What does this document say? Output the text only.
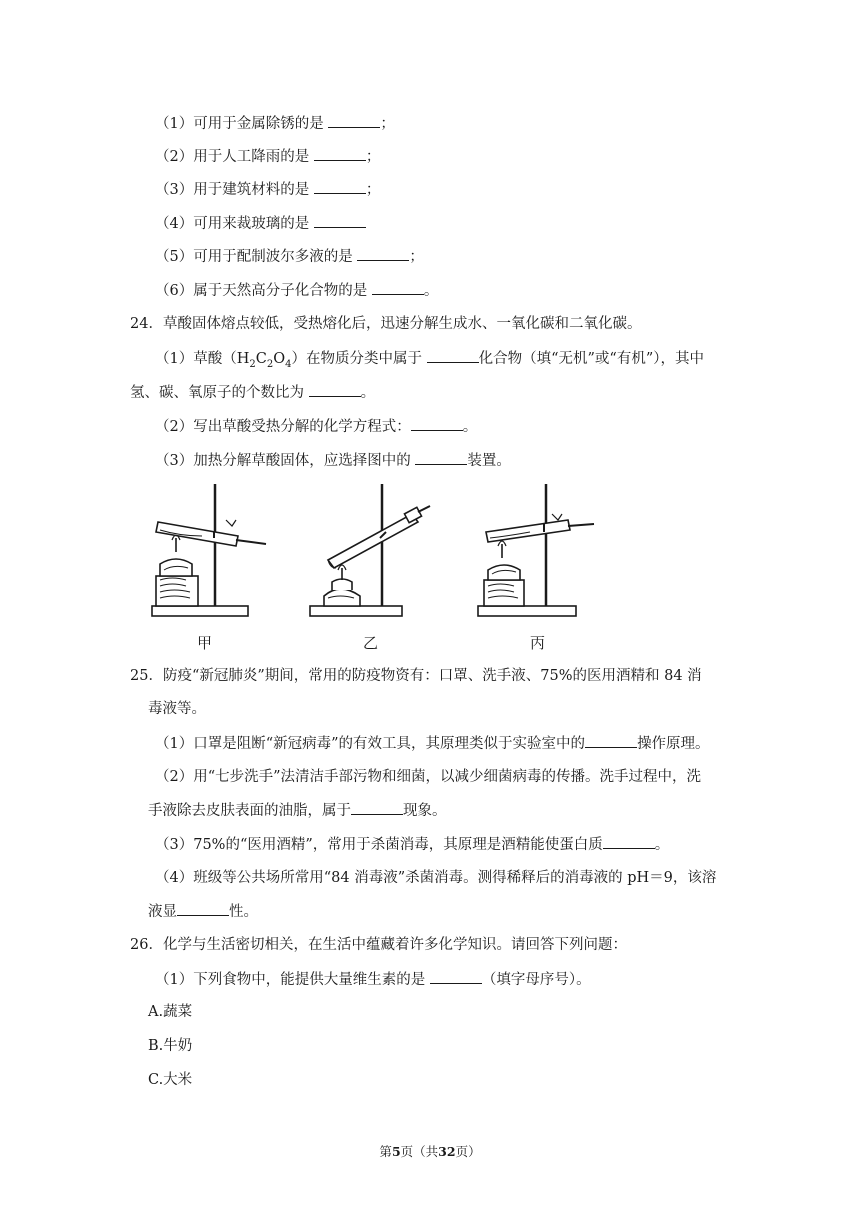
（1）可用于金属除锈的是	；
（2）用于人工降雨的是	；
（3）用于建筑材料的是	；
（4）可用来裁玻璃的是
（5）可用于配制波尔多液的是	；
（6）属于天然高分子化合物的是	。
24．草酸固体熔点较低，受热熔化后，迅速分解生成水、一氧化碳和二氧化碳。
（1）草酸$(H_2C_2O_4)$在物质分类中属于	化合物（填“无机”或“有机”），其中
氢、碳、氧原子的个数比为	。
（2）写出草酸受热分解的化学方程式：	。
（3）加热分解草酸固体，应选择图中的	装置。
甲	乙	丙
25．防疫“新冠肺炎”期间，常用的防疫物资有：口罩、洗手液、75%的医用酒精和 84 消
毒液等。
（1）口罩是阻断“新冠病毒”的有效工具，其原理类似于实验室中的	操作原理。
（2）用“七步洗手”法清洁手部污物和细菌，以减少细菌病毒的传播。洗手过程中，洗
手液除去皮肤表面的油脂，属于	现象。
（3）75%的“医用酒精”，常用于杀菌消毒，其原理是酒精能使蛋白质	。
（4）班级等公共场所常用“84 消毒液”杀菌消毒。测得稀释后的消毒液的 pH＝9，该溶
液显	性。
26．化学与生活密切相关，在生活中蕴藏着许多化学知识。请回答下列问题：
（1）下列食物中，能提供大量维生素的是	（填字母序号）。
A.蔬菜
B.牛奶
C.大米
第5页（共32页）
